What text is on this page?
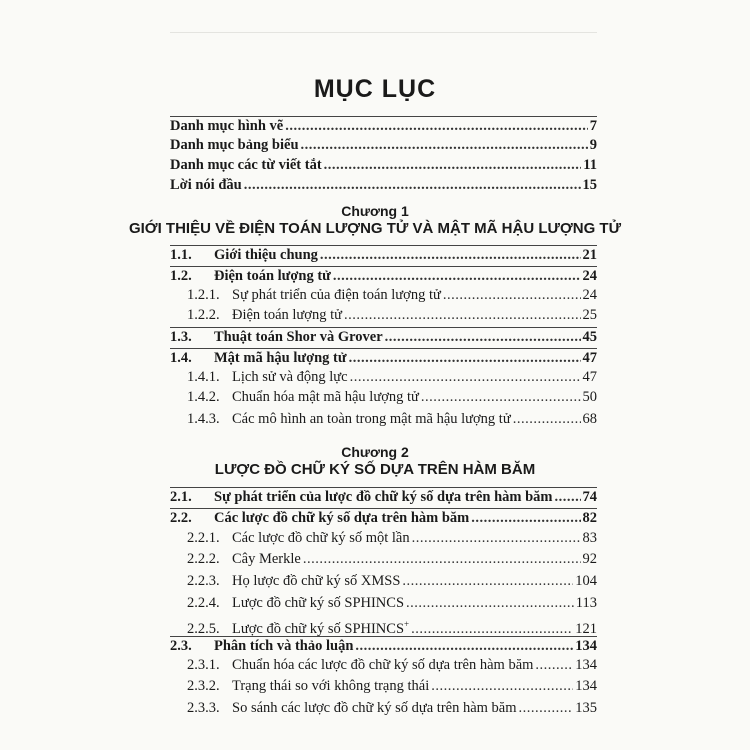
MỤC LỤC
Danh mục hình vẽ .....	7
Danh mục bảng biểu .....	9
Danh mục các từ viết tắt .....	11
Lời nói đầu .....	15
Chương 1
GIỚI THIỆU VỀ ĐIỆN TOÁN LƯỢNG TỬ VÀ MẬT MÃ HẬU LƯỢNG TỬ
1.1.	Giới thiệu chung .....	21
1.2.	Điện toán lượng tử .....	24
1.2.1. Sự phát triển của điện toán lượng tử .....	24
1.2.2. Điện toán lượng tử .....	25
1.3.	Thuật toán Shor và Grover .....	45
1.4.	Mật mã hậu lượng tử .....	47
1.4.1. Lịch sử và động lực .....	47
1.4.2. Chuẩn hóa mật mã hậu lượng tử .....	50
1.4.3. Các mô hình an toàn trong mật mã hậu lượng tử .....	68
Chương 2
LƯỢC ĐỒ CHỮ KÝ SỐ DỰA TRÊN HÀM BĂM
2.1.	Sự phát triển của lược đồ chữ ký số dựa trên hàm băm ..... 74
2.2.	Các lược đồ chữ ký số dựa trên hàm băm .....	82
2.2.1. Các lược đồ chữ ký số một lần .....	83
2.2.2. Cây Merkle .....	92
2.2.3. Họ lược đồ chữ ký số XMSS .....	104
2.2.4. Lược đồ chữ ký số SPHINCS .....	113
2.2.5. Lược đồ chữ ký số SPHINCS+ .....	121
2.3.	Phân tích và thảo luận .....	134
2.3.1. Chuẩn hóa các lược đồ chữ ký số dựa trên hàm băm .....	134
2.3.2. Trạng thái so với không trạng thái .....	134
2.3.3. So sánh các lược đồ chữ ký số dựa trên hàm băm .....	135
